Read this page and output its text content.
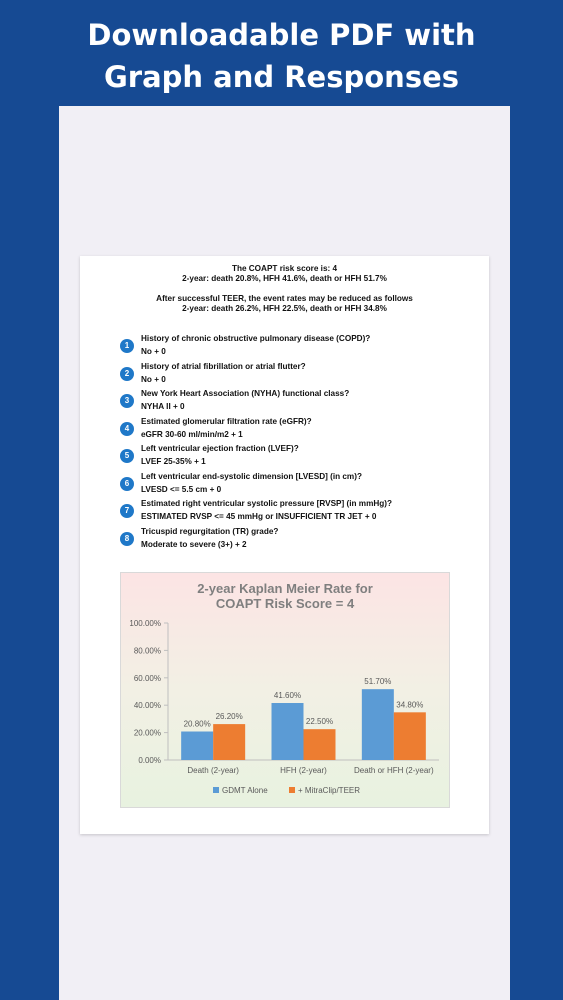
Downloadable PDF with
Graph and Responses
The COAPT risk score is: 4
2-year: death 20.8%, HFH 41.6%, death or HFH 51.7%
After successful TEER, the event rates may be reduced as follows
2-year: death 26.2%, HFH 22.5%, death or HFH 34.8%
1
History of chronic obstructive pulmonary disease (COPD)?
No + 0
2
History of atrial fibrillation or atrial flutter?
No + 0
3
New York Heart Association (NYHA) functional class?
NYHA II + 0
4
Estimated glomerular filtration rate (eGFR)?
eGFR 30-60 ml/min/m2 + 1
5
Left ventricular ejection fraction (LVEF)?
LVEF 25-35% + 1
6
Left ventricular end-systolic dimension [LVESD] (in cm)?
LVESD <= 5.5 cm + 0
7
Estimated right ventricular systolic pressure [RVSP] (in mmHg)?
ESTIMATED RVSP <= 45 mmHg or INSUFFICIENT TR JET + 0
8
Tricuspid regurgitation (TR) grade?
Moderate to severe (3+) + 2
2-year Kaplan Meier Rate for
COAPT Risk Score = 4
0.00%
20.00%
40.00%
60.00%
80.00%
100.00%
20.80%
26.20%
Death (2-year)
41.60%
22.50%
HFH (2-year)
51.70%
34.80%
Death or HFH (2-year)
GDMT Alone	+ MitraClip/TEER
